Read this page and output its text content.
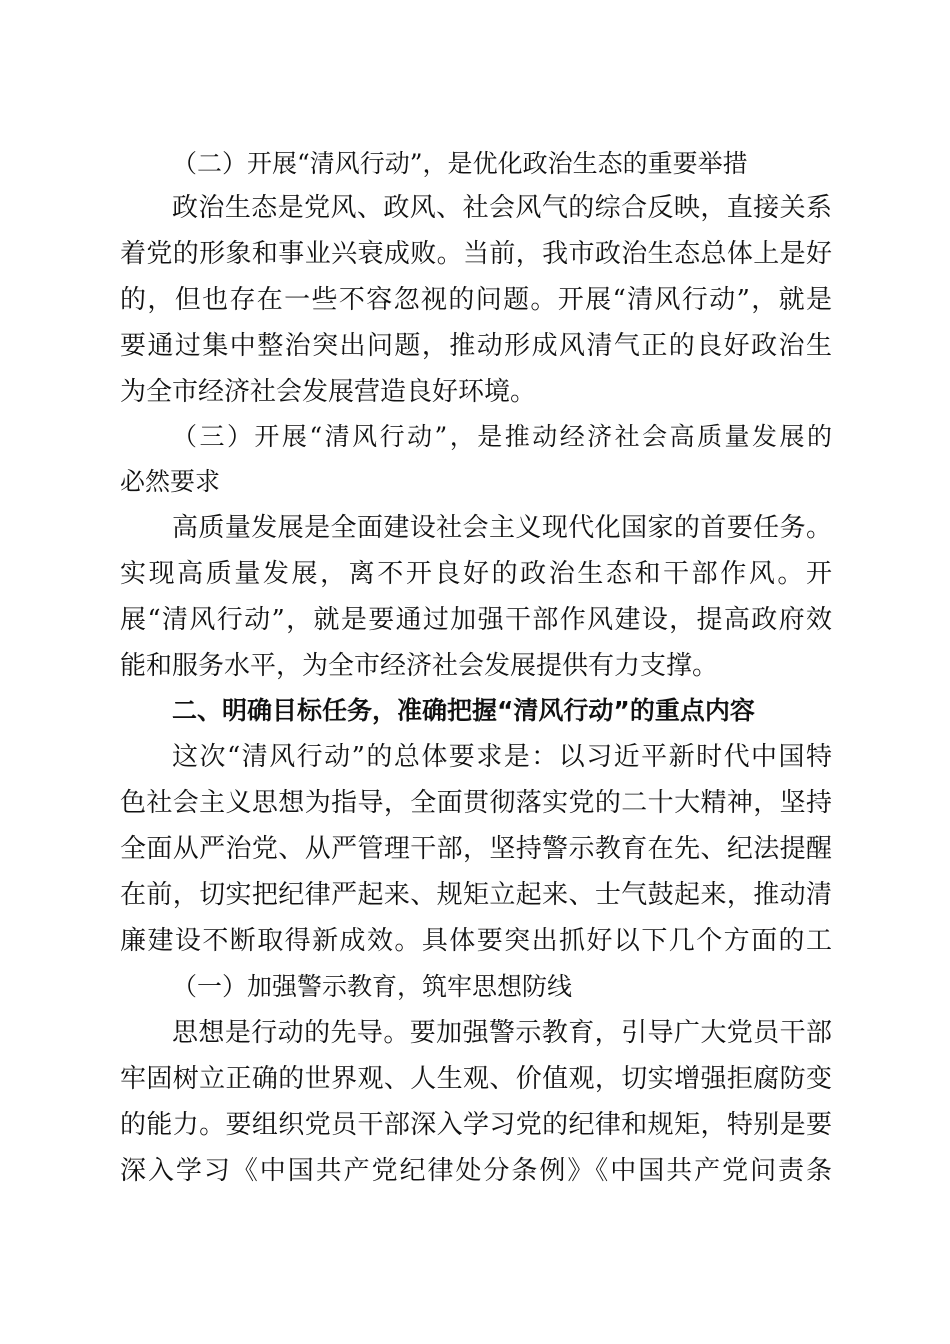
（二）开展“清风行动”，是优化政治生态的重要举措
政治生态是党风、政风、社会风气的综合反映，直接关系
着党的形象和事业兴衰成败。当前，我市政治生态总体上是好
的，但也存在一些不容忽视的问题。开展“清风行动”，就是
要通过集中整治突出问题，推动形成风清气正的良好政治生
为全市经济社会发展营造良好环境。
（三）开展“清风行动”，是推动经济社会高质量发展的
必然要求
高质量发展是全面建设社会主义现代化国家的首要任务。
实现高质量发展，离不开良好的政治生态和干部作风。开
展“清风行动”，就是要通过加强干部作风建设，提高政府效
能和服务水平，为全市经济社会发展提供有力支撑。
二、明确目标任务，准确把握“清风行动”的重点内容
这次“清风行动”的总体要求是：以习近平新时代中国特
色社会主义思想为指导，全面贯彻落实党的二十大精神，坚持
全面从严治党、从严管理干部，坚持警示教育在先、纪法提醒
在前，切实把纪律严起来、规矩立起来、士气鼓起来，推动清
廉建设不断取得新成效。具体要突出抓好以下几个方面的工
（一）加强警示教育，筑牢思想防线
思想是行动的先导。要加强警示教育，引导广大党员干部
牢固树立正确的世界观、人生观、价值观，切实增强拒腐防变
的能力。要组织党员干部深入学习党的纪律和规矩，特别是要
深入学习《中国共产党纪律处分条例》《中国共产党问责条
